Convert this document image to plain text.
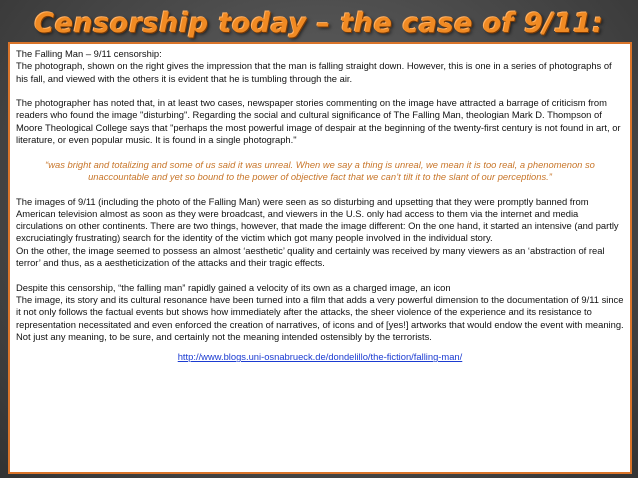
Censorship today – the case of 9/11:

The Falling Man – 9/11 censorship:

The photograph, shown on the right gives the impression that the man is falling straight down. However, this is one in a series of photographs of his fall, and viewed with the others it is evident that he is tumbling through the air.

The photographer has noted that, in at least two cases, newspaper stories commenting on the image have attracted a barrage of criticism from readers who found the image "disturbing". Regarding the social and cultural significance of The Falling Man, theologian Mark D. Thompson of Moore Theological College says that "perhaps the most powerful image of despair at the beginning of the twenty-first century is not found in art, or literature, or even popular music. It is found in a single photograph."

“was bright and totalizing and some of us said it was unreal. When we say a thing is unreal, we mean it is too real, a phenomenon so unaccountable and yet so bound to the power of objective fact that we can’t tilt it to the slant of our perceptions.”

The images of 9/11 (including the photo of the Falling Man) were seen as so disturbing and upsetting that they were promptly banned from American television almost as soon as they were broadcast, and viewers in the U.S. only had access to them via the internet and media circulations on other continents. There are two things, however, that made the image different: On the one hand, it started an intensive (and partly excruciatingly frustrating) search for the identity of the victim which got many people involved in the individual story.

On the other, the image seemed to possess an almost ‘aesthetic’ quality and certainly was received by many viewers as an ‘abstraction of real terror’ and thus, as a aestheticization of the attacks and their tragic effects.

Despite this censorship, “the falling man” rapidly gained a velocity of its own as a charged image, an icon

The image, its story and its cultural resonance have been turned into a film that adds a very powerful dimension to the documentation of 9/11 since it not only follows the factual events but shows how immediately after the attacks, the sheer violence of the experience and its resistance to representation necessitated and even enforced the creation of narratives, of icons and of [yes!] artworks that would endow the event with meaning. Not just any meaning, to be sure, and certainly not the meaning intended ostensibly by the terrorists.

http://www.blogs.uni-osnabrueck.de/dondelillo/the-fiction/falling-man/
